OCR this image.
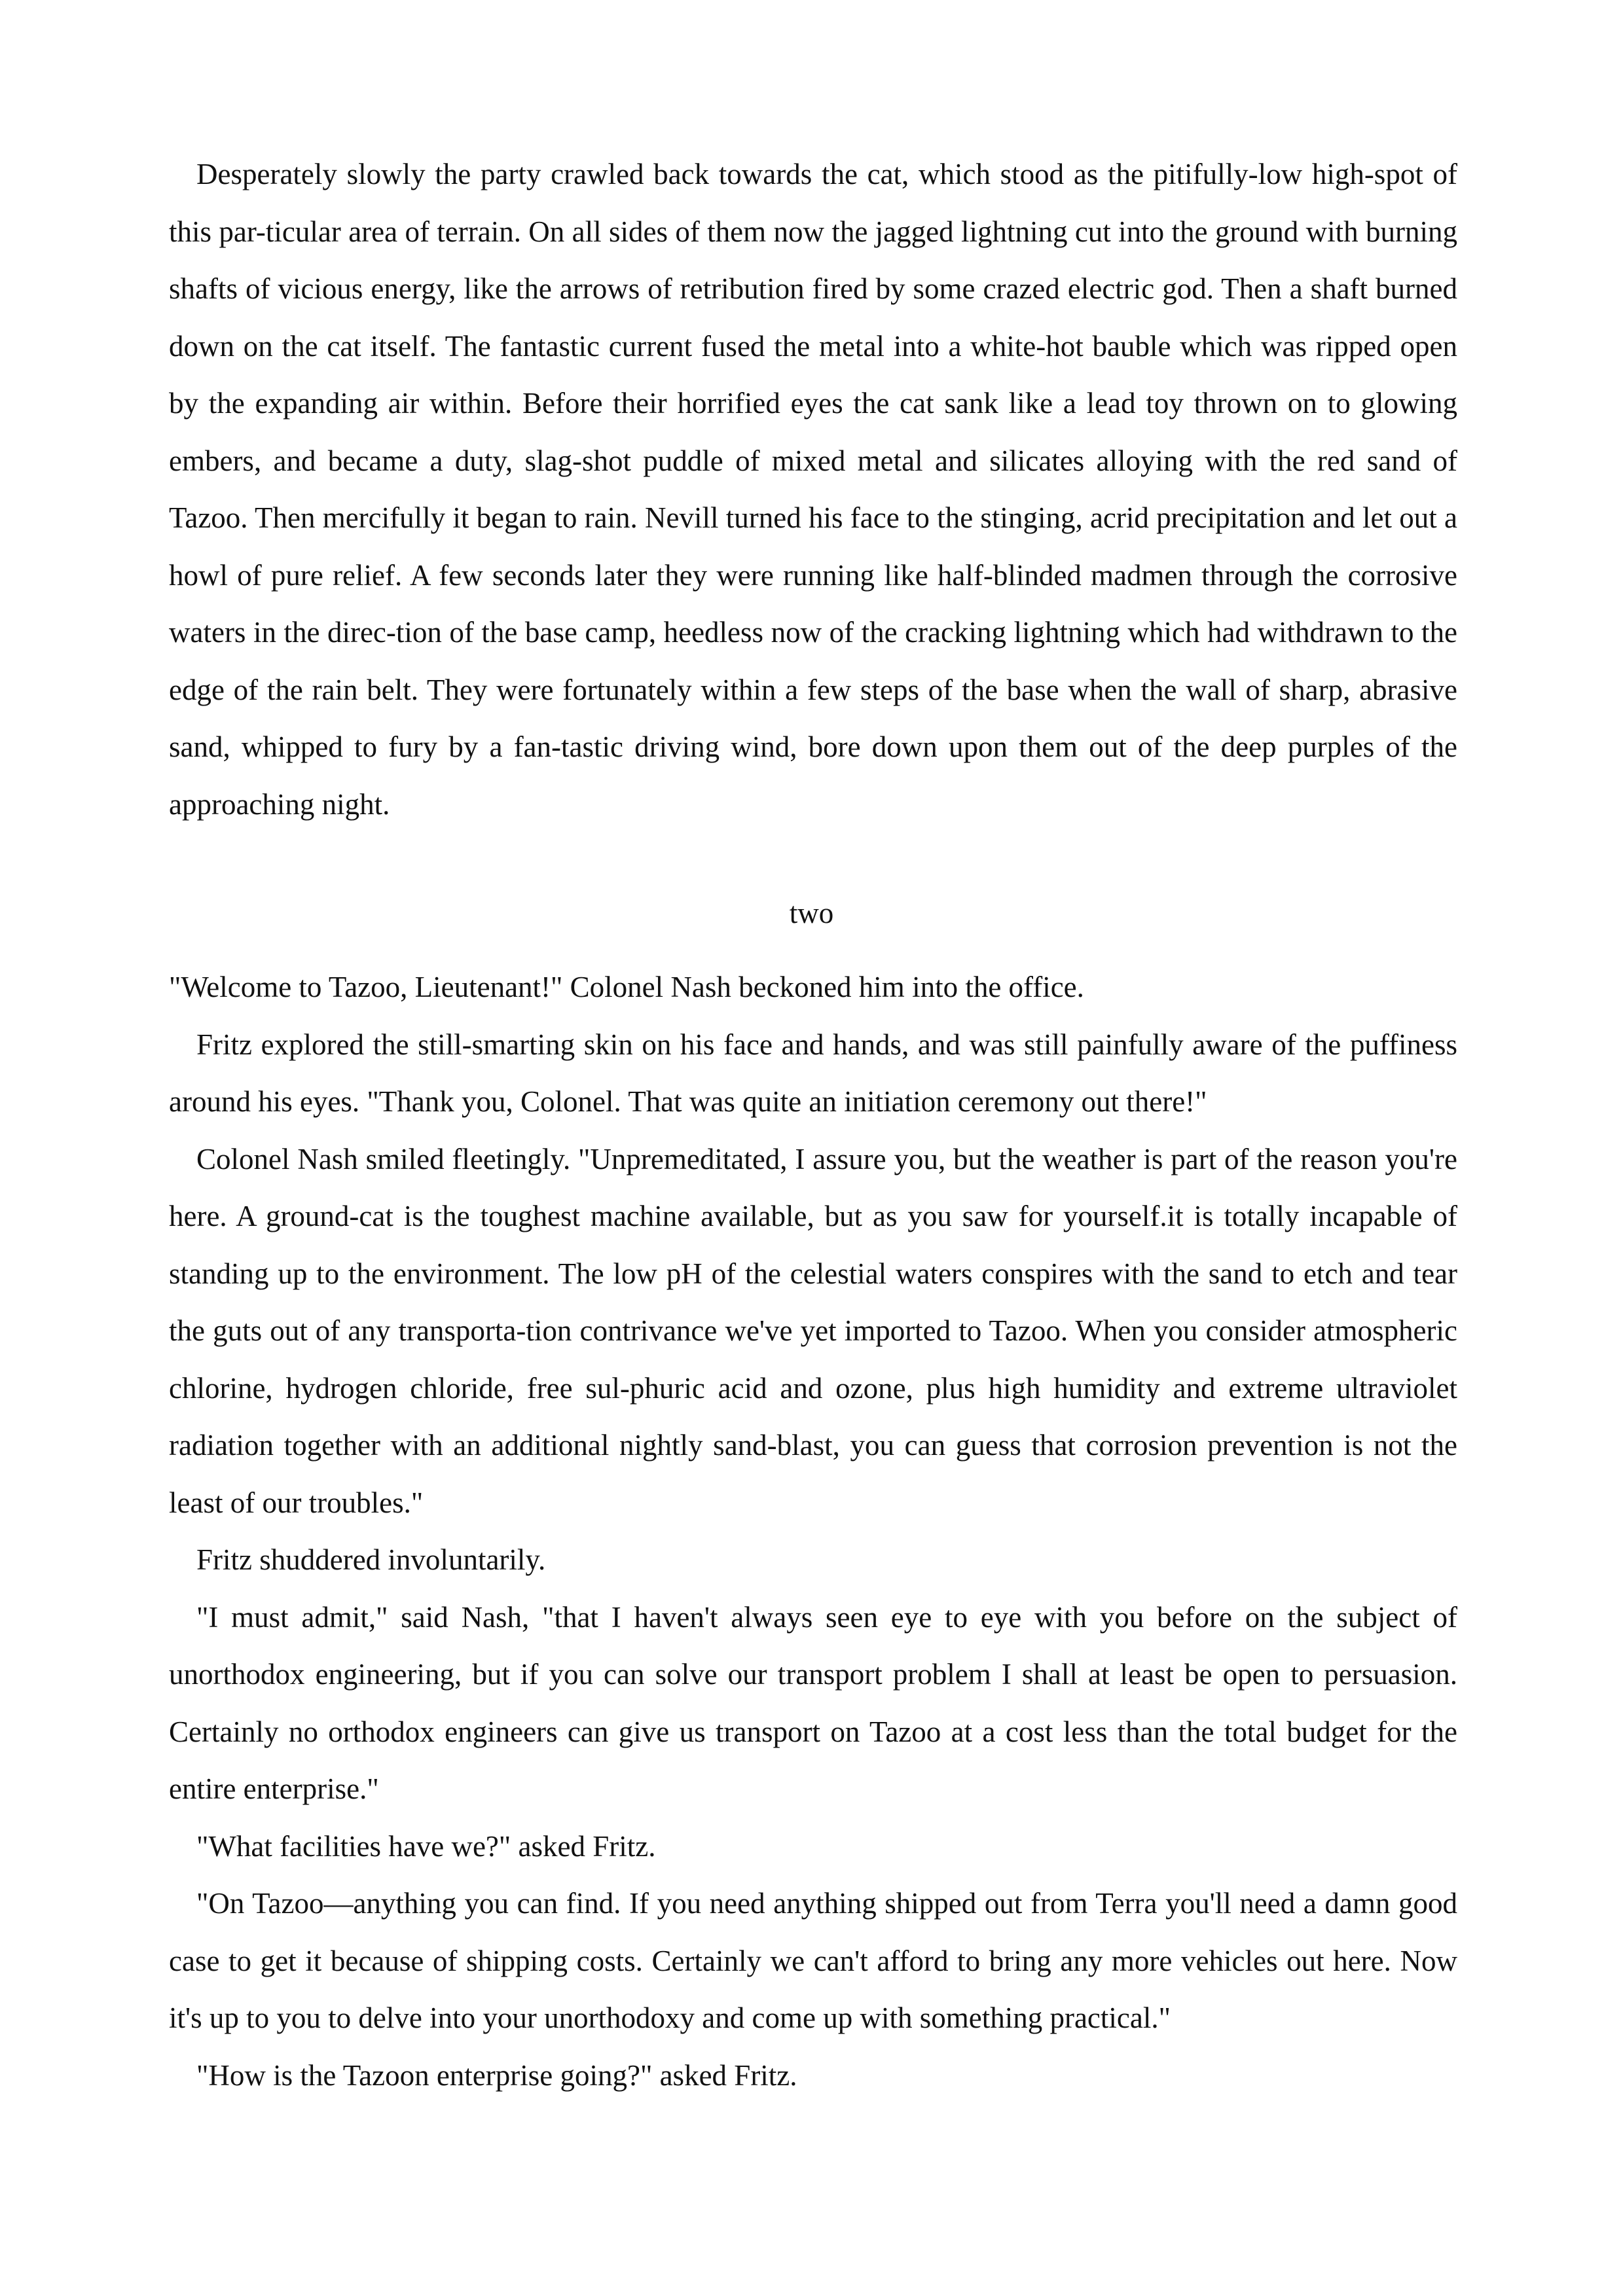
Desperately slowly the party crawled back towards the cat, which stood as the pitifully-low high-spot of this par-ticular area of terrain. On all sides of them now the jagged lightning cut into the ground with burning shafts of vicious energy, like the arrows of retribution fired by some crazed electric god. Then a shaft burned down on the cat itself. The fantastic current fused the metal into a white-hot bauble which was ripped open by the expanding air within. Before their horrified eyes the cat sank like a lead toy thrown on to glowing embers, and became a duty, slag-shot puddle of mixed metal and silicates alloying with the red sand of Tazoo. Then mercifully it began to rain. Nevill turned his face to the stinging, acrid precipitation and let out a howl of pure relief. A few seconds later they were running like half-blinded madmen through the corrosive waters in the direc-tion of the base camp, heedless now of the cracking lightning which had withdrawn to the edge of the rain belt. They were fortunately within a few steps of the base when the wall of sharp, abrasive sand, whipped to fury by a fan-tastic driving wind, bore down upon them out of the deep purples of the approaching night.

two

"Welcome to Tazoo, Lieutenant!" Colonel Nash beckoned him into the office.

Fritz explored the still-smarting skin on his face and hands, and was still painfully aware of the puffiness around his eyes. "Thank you, Colonel. That was quite an initiation ceremony out there!"

Colonel Nash smiled fleetingly. "Unpremeditated, I assure you, but the weather is part of the reason you're here. A ground-cat is the toughest machine available, but as you saw for yourself.it is totally incapable of standing up to the environment. The low pH of the celestial waters conspires with the sand to etch and tear the guts out of any transporta-tion contrivance we've yet imported to Tazoo. When you consider atmospheric chlorine, hydrogen chloride, free sul-phuric acid and ozone, plus high humidity and extreme ultraviolet radiation together with an additional nightly sand-blast, you can guess that corrosion prevention is not the least of our troubles."

Fritz shuddered involuntarily.

"I must admit," said Nash, "that I haven't always seen eye to eye with you before on the subject of unorthodox engineering, but if you can solve our transport problem I shall at least be open to persuasion. Certainly no orthodox engineers can give us transport on Tazoo at a cost less than the total budget for the entire enterprise."

"What facilities have we?" asked Fritz.

"On Tazoo—anything you can find. If you need anything shipped out from Terra you'll need a damn good case to get it because of shipping costs. Certainly we can't afford to bring any more vehicles out here. Now it's up to you to delve into your unorthodoxy and come up with something practical."

"How is the Tazoon enterprise going?" asked Fritz.
